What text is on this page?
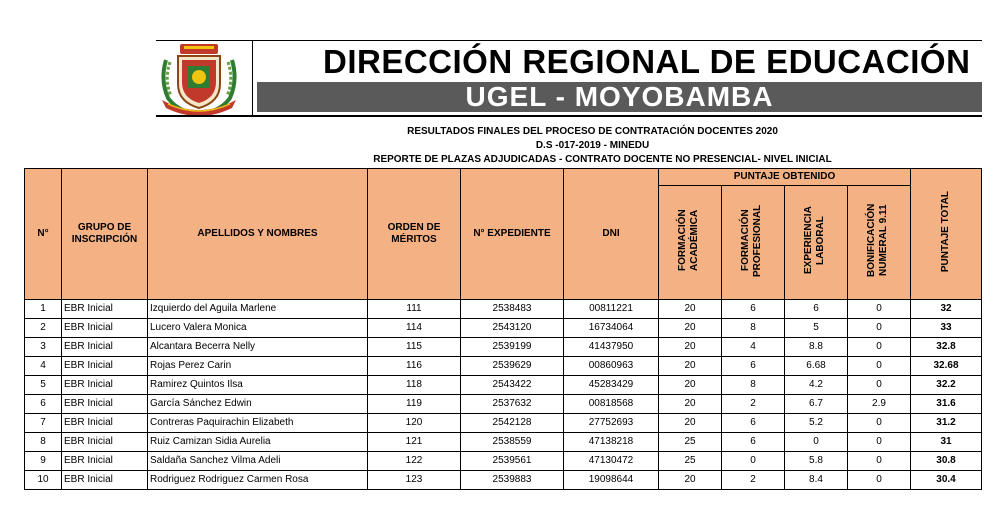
DIRECCIÓN REGIONAL DE EDUCACIÓN
UGEL - MOYOBAMBA
RESULTADOS FINALES DEL PROCESO DE CONTRATACIÓN DOCENTES 2020
D.S -017-2019 - MINEDU
REPORTE DE PLAZAS ADJUDICADAS - CONTRATO DOCENTE NO PRESENCIAL- NIVEL INICIAL
N°	GRUPO DE INSCRIPCIÓN	APELLIDOS Y NOMBRES	ORDEN DE MÉRITOS	N° EXPEDIENTE	DNI	PUNTAJE OBTENIDO				PUNTAJE TOTAL
						FORMACIÓN ACADÉMICA	FORMACIÓN PROFESIONAL	EXPERIENCIA LABORAL	BONIFICACIÓN NUMERAL 9.11	
1	EBR Inicial	Izquierdo del Aguila Marlene	111	2538483	00811221	20	6	6	0	32
2	EBR Inicial	Lucero Valera Monica	114	2543120	16734064	20	8	5	0	33
3	EBR Inicial	Alcantara Becerra Nelly	115	2539199	41437950	20	4	8.8	0	32.8
4	EBR Inicial	Rojas Perez Carin	116	2539629	00860963	20	6	6.68	0	32.68
5	EBR Inicial	Ramirez Quintos Ilsa	118	2543422	45283429	20	8	4.2	0	32.2
6	EBR Inicial	García Sánchez Edwin	119	2537632	00818568	20	2	6.7	2.9	31.6
7	EBR Inicial	Contreras Paquirachin Elizabeth	120	2542128	27752693	20	6	5.2	0	31.2
8	EBR Inicial	Ruiz Camizan Sidia Aurelia	121	2538559	47138218	25	6	0	0	31
9	EBR Inicial	Saldaña Sanchez Vilma Adeli	122	2539561	47130472	25	0	5.8	0	30.8
10	EBR Inicial	Rodriguez Rodriguez Carmen Rosa	123	2539883	19098644	20	2	8.4	0	30.4
